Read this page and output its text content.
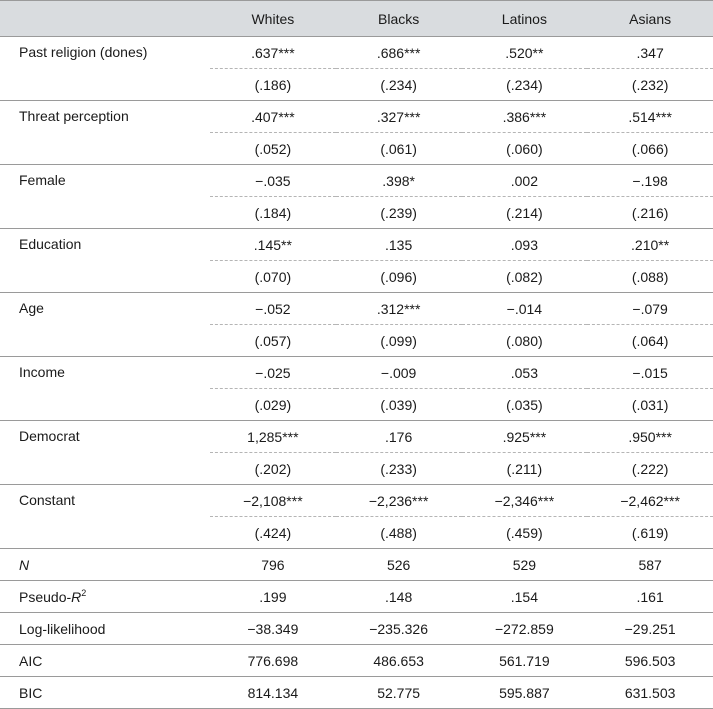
	Whites	Blacks	Latinos	Asians
Past religion (dones)	.637***	.686***	.520**	.347
	(.186)	(.234)	(.234)	(.232)
Threat perception	.407***	.327***	.386***	.514***
	(.052)	(.061)	(.060)	(.066)
Female	−.035	.398*	.002	−.198
	(.184)	(.239)	(.214)	(.216)
Education	.145**	.135	.093	.210**
	(.070)	(.096)	(.082)	(.088)
Age	−.052	.312***	−.014	−.079
	(.057)	(.099)	(.080)	(.064)
Income	−.025	−.009	.053	−.015
	(.029)	(.039)	(.035)	(.031)
Democrat	1,285***	.176	.925***	.950***
	(.202)	(.233)	(.211)	(.222)
Constant	−2,108***	−2,236***	−2,346***	−2,462***
	(.424)	(.488)	(.459)	(.619)
N	796	526	529	587
Pseudo-$R^2$	.199	.148	.154	.161
Log-likelihood	−38.349	−235.326	−272.859	−29.251
AIC	776.698	486.653	561.719	596.503
BIC	814.134	52.775	595.887	631.503
